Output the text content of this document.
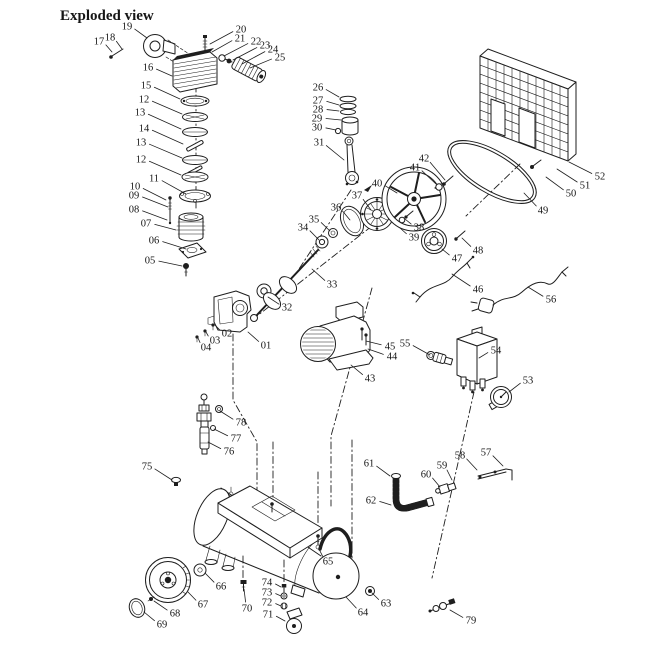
Exploded view
01
02
03
04
05
06
07
08
09
10
11
12
13
14
13
12
15
16
17 18
19	20
21 22
23
24
25
26
27
28
29
30
31
32
33
34
35
36
37
38
39
40
41
42
43
44
45
46
47
48
49
50
51
52
53
54
55
56
57
58
59
60
61
62
63
64
65
66
67
68
69
70
71
72
73
74
75
76
77
78
79
